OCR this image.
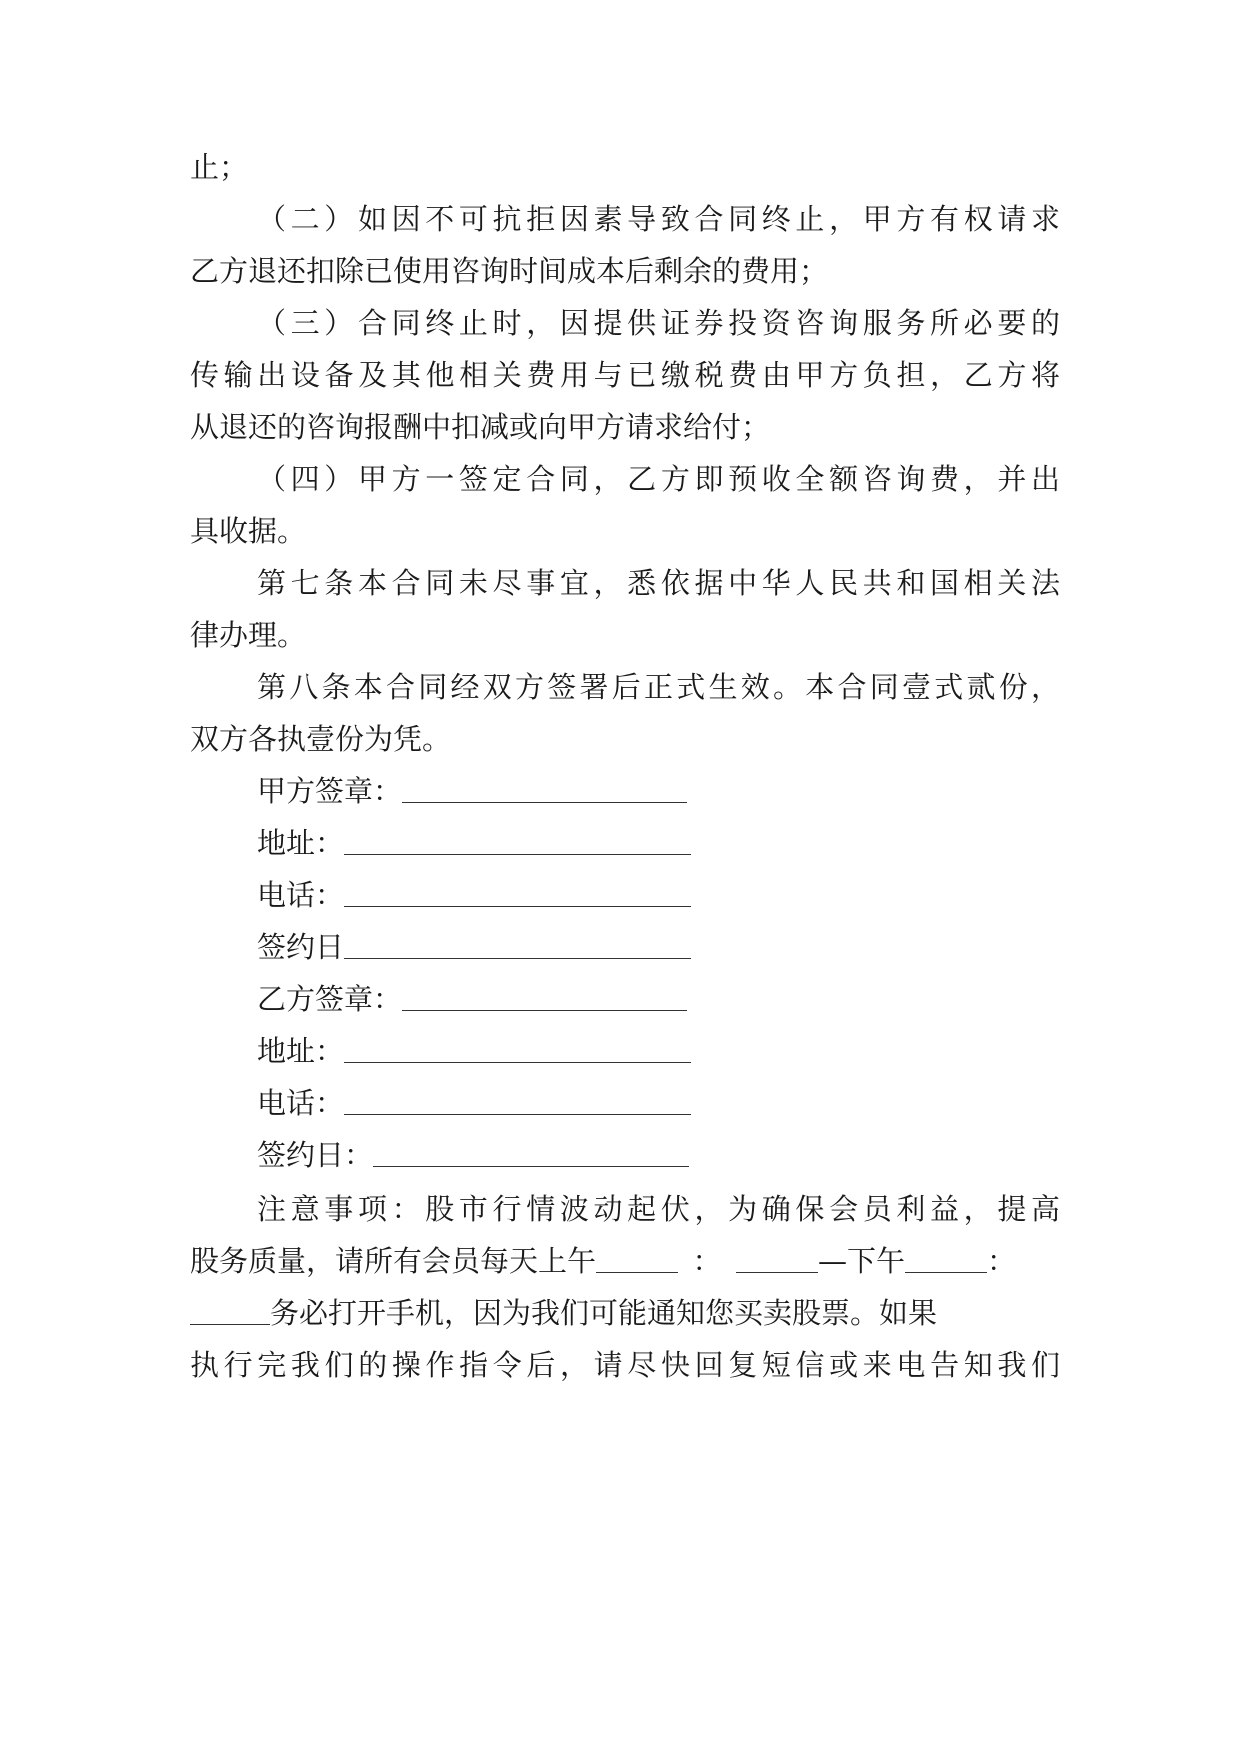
止；
（二）如因不可抗拒因素导致合同终止，甲方有权请求
乙方退还扣除已使用咨询时间成本后剩余的费用；
（三）合同终止时，因提供证券投资咨询服务所必要的
传输出设备及其他相关费用与已缴税费由甲方负担，乙方将
从退还的咨询报酬中扣减或向甲方请求给付；
（四）甲方一签定合同，乙方即预收全额咨询费，并出
具收据。
第七条本合同未尽事宜，悉依据中华人民共和国相关法
律办理。
第八条本合同经双方签署后正式生效。本合同壹式贰份，
双方各执壹份为凭。
甲方签章：
地址：
电话：
签约日
乙方签章：
地址：
电话：
签约日：
注意事项：股市行情波动起伏，为确保会员利益，提高
股务质量，请所有会员每天上午	：	—下午	：
务必打开手机，因为我们可能通知您买卖股票。如果
执行完我们的操作指令后，请尽快回复短信或来电告知我们
